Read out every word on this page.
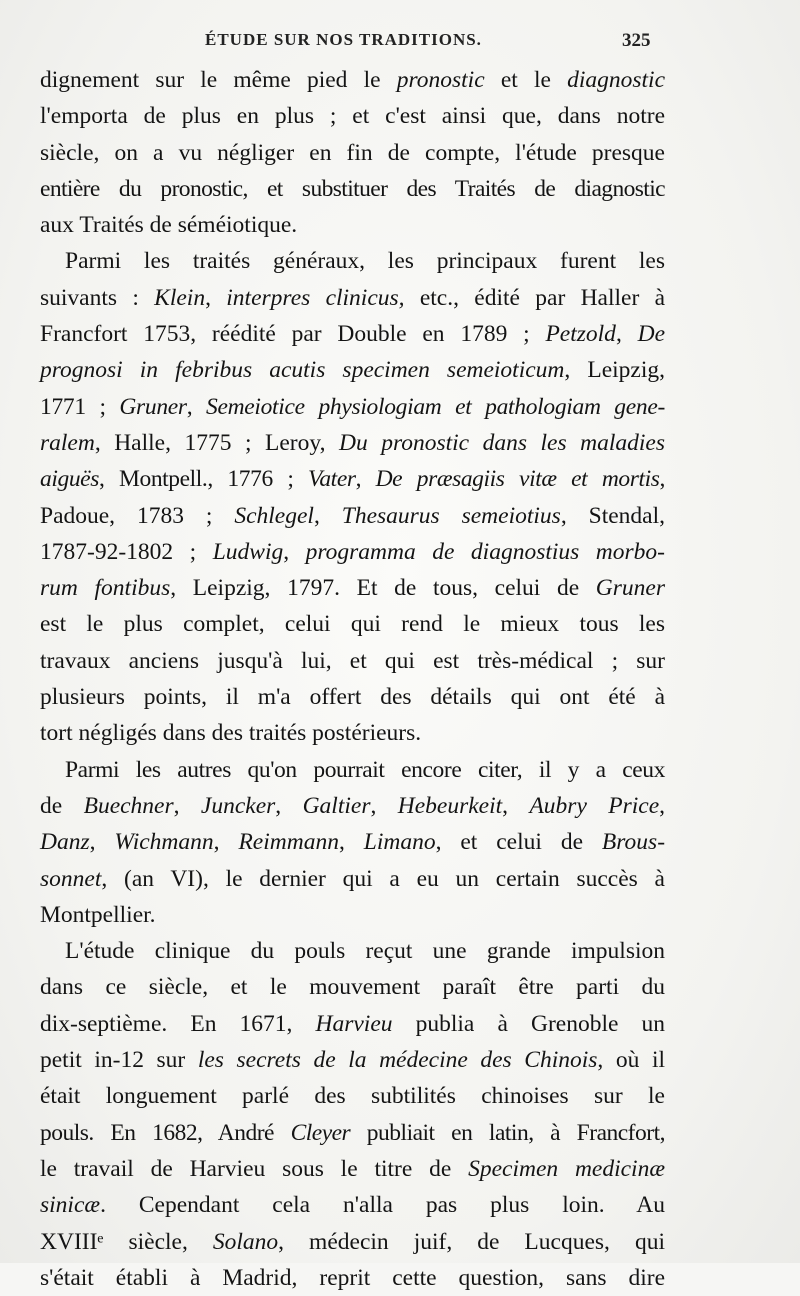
ÉTUDE SUR NOS TRADITIONS.	325
dignement sur le même pied le pronostic et le diagnostic
l'emporta de plus en plus ; et c'est ainsi que, dans notre
siècle, on a vu négliger en fin de compte, l'étude presque
entière du pronostic, et substituer des Traités de diagnostic
aux Traités de séméiotique.
Parmi les traités généraux, les principaux furent les
suivants : Klein, interpres clinicus, etc., édité par Haller à
Francfort 1753, réédité par Double en 1789 ; Petzold, De
prognosi in febribus acutis specimen semeioticum, Leipzig,
1771 ; Gruner, Semeiotice physiologiam et pathologiam gene-
ralem, Halle, 1775 ; Leroy, Du pronostic dans les maladies
aiguës, Montpell., 1776 ; Vater, De præsagiis vitæ et mortis,
Padoue, 1783 ; Schlegel, Thesaurus semeiotius, Stendal,
1787-92-1802 ; Ludwig, programma de diagnostius morbo-
rum fontibus, Leipzig, 1797. Et de tous, celui de Gruner
est le plus complet, celui qui rend le mieux tous les
travaux anciens jusqu'à lui, et qui est très-médical ; sur
plusieurs points, il m'a offert des détails qui ont été à
tort négligés dans des traités postérieurs.
Parmi les autres qu'on pourrait encore citer, il y a ceux
de Buechner, Juncker, Galtier, Hebeurkeit, Aubry Price,
Danz, Wichmann, Reimmann, Limano, et celui de Brous-
sonnet, (an VI), le dernier qui a eu un certain succès à
Montpellier.
L'étude clinique du pouls reçut une grande impulsion
dans ce siècle, et le mouvement paraît être parti du
dix-septième. En 1671, Harvieu publia à Grenoble un
petit in-12 sur les secrets de la médecine des Chinois, où il
était longuement parlé des subtilités chinoises sur le
pouls. En 1682, André Cleyer publiait en latin, à Francfort,
le travail de Harvieu sous le titre de Specimen medicinæ
sinicæ. Cependant cela n'alla pas plus loin. Au
XVIIIᵉ siècle, Solano, médecin juif, de Lucques, qui
s'était établi à Madrid, reprit cette question, sans dire
